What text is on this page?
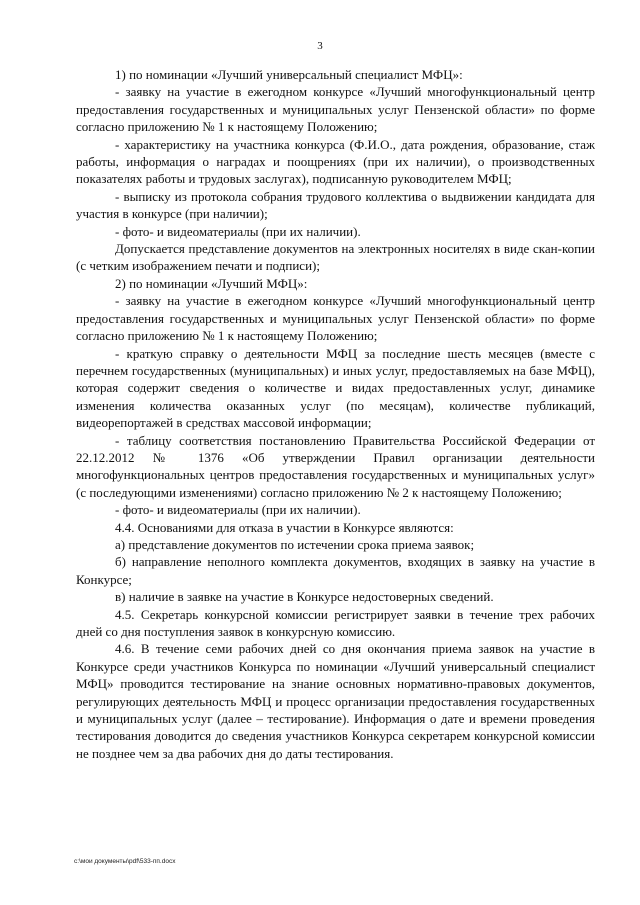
3

1) по номинации «Лучший универсальный специалист МФЦ»:

- заявку на участие в ежегодном конкурсе «Лучший многофункциональный центр предоставления государственных и муниципальных услуг Пензенской области» по форме согласно приложению № 1 к настоящему Положению;

- характеристику на участника конкурса (Ф.И.О., дата рождения, образование, стаж работы, информация о наградах и поощрениях (при их наличии), о производственных показателях работы и трудовых заслугах), подписанную руководителем МФЦ;

- выписку из протокола собрания трудового коллектива о выдвижении кандидата для участия в конкурсе (при наличии);

- фото- и видеоматериалы (при их наличии).

Допускается представление документов на электронных носителях в виде скан-копии (с четким изображением печати и подписи);

2) по номинации «Лучший МФЦ»:

- заявку на участие в ежегодном конкурсе «Лучший многофункциональный центр предоставления государственных и муниципальных услуг Пензенской области» по форме согласно приложению № 1 к настоящему Положению;

- краткую справку о деятельности МФЦ за последние шесть месяцев (вместе с перечнем государственных (муниципальных) и иных услуг, предоставляемых на базе МФЦ), которая содержит сведения о количестве и видах предоставленных услуг, динамике изменения количества оказанных услуг (по месяцам), количестве публикаций, видеорепортажей в средствах массовой информации;

- таблицу соответствия постановлению Правительства Российской Федерации от 22.12.2012 № 1376 «Об утверждении Правил организации деятельности многофункциональных центров предоставления государственных и муниципальных услуг» (с последующими изменениями) согласно приложению № 2 к настоящему Положению;

- фото- и видеоматериалы (при их наличии).

4.4. Основаниями для отказа в участии в Конкурсе являются:

а) представление документов по истечении срока приема заявок;

б) направление неполного комплекта документов, входящих в заявку на участие в Конкурсе;

в) наличие в заявке на участие в Конкурсе недостоверных сведений.

4.5. Секретарь конкурсной комиссии регистрирует заявки в течение трех рабочих дней со дня поступления заявок в конкурсную комиссию.

4.6. В течение семи рабочих дней со дня окончания приема заявок на участие в Конкурсе среди участников Конкурса по номинации «Лучший универсальный специалист МФЦ» проводится тестирование на знание основных нормативно-правовых документов, регулирующих деятельность МФЦ и процесс организации предоставления государственных и муниципальных услуг (далее – тестирование). Информация о дате и времени проведения тестирования доводится до сведения участников Конкурса секретарем конкурсной комиссии не позднее чем за два рабочих дня до даты тестирования.

c:\мои документы\pdf\533-пп.docx
